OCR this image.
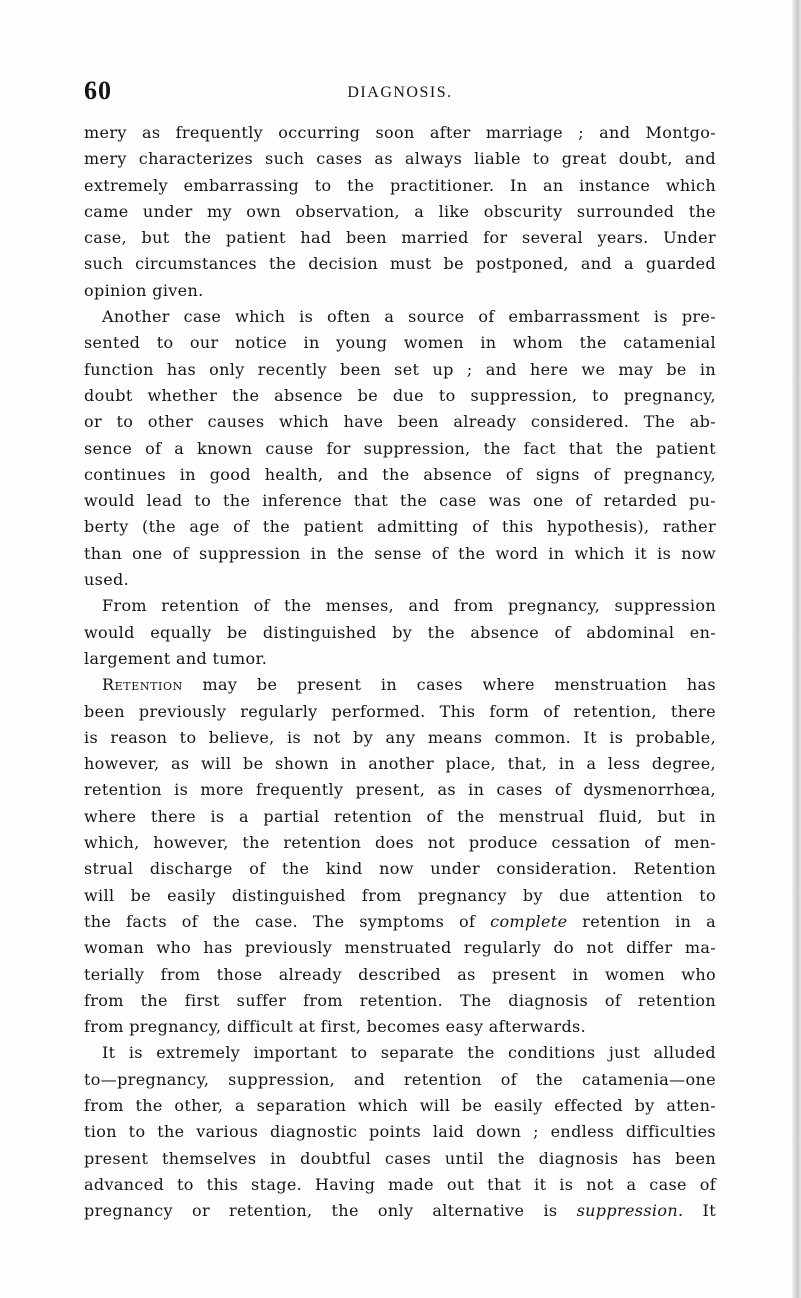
60	DIAGNOSIS.
mery as frequently occurring soon after marriage ; and Montgo-
mery characterizes such cases as always liable to great doubt, and
extremely embarrassing to the practitioner. In an instance which
came under my own observation, a like obscurity surrounded the
case, but the patient had been married for several years. Under
such circumstances the decision must be postponed, and a guarded
opinion given.
Another case which is often a source of embarrassment is pre-
sented to our notice in young women in whom the catamenial
function has only recently been set up ; and here we may be in
doubt whether the absence be due to suppression, to pregnancy,
or to other causes which have been already considered. The ab-
sence of a known cause for suppression, the fact that the patient
continues in good health, and the absence of signs of pregnancy,
would lead to the inference that the case was one of retarded pu-
berty (the age of the patient admitting of this hypothesis), rather
than one of suppression in the sense of the word in which it is now
used.
From retention of the menses, and from pregnancy, suppression
would equally be distinguished by the absence of abdominal en-
largement and tumor.
Retention may be present in cases where menstruation has
been previously regularly performed. This form of retention, there
is reason to believe, is not by any means common. It is probable,
however, as will be shown in another place, that, in a less degree,
retention is more frequently present, as in cases of dysmenorrhœa,
where there is a partial retention of the menstrual fluid, but in
which, however, the retention does not produce cessation of men-
strual discharge of the kind now under consideration. Retention
will be easily distinguished from pregnancy by due attention to
the facts of the case. The symptoms of complete retention in a
woman who has previously menstruated regularly do not differ ma-
terially from those already described as present in women who
from the first suffer from retention. The diagnosis of retention
from pregnancy, difficult at first, becomes easy afterwards.
It is extremely important to separate the conditions just alluded
to—pregnancy, suppression, and retention of the catamenia—one
from the other, a separation which will be easily effected by atten-
tion to the various diagnostic points laid down ; endless difficulties
present themselves in doubtful cases until the diagnosis has been
advanced to this stage. Having made out that it is not a case of
pregnancy or retention, the only alternative is suppression. It
